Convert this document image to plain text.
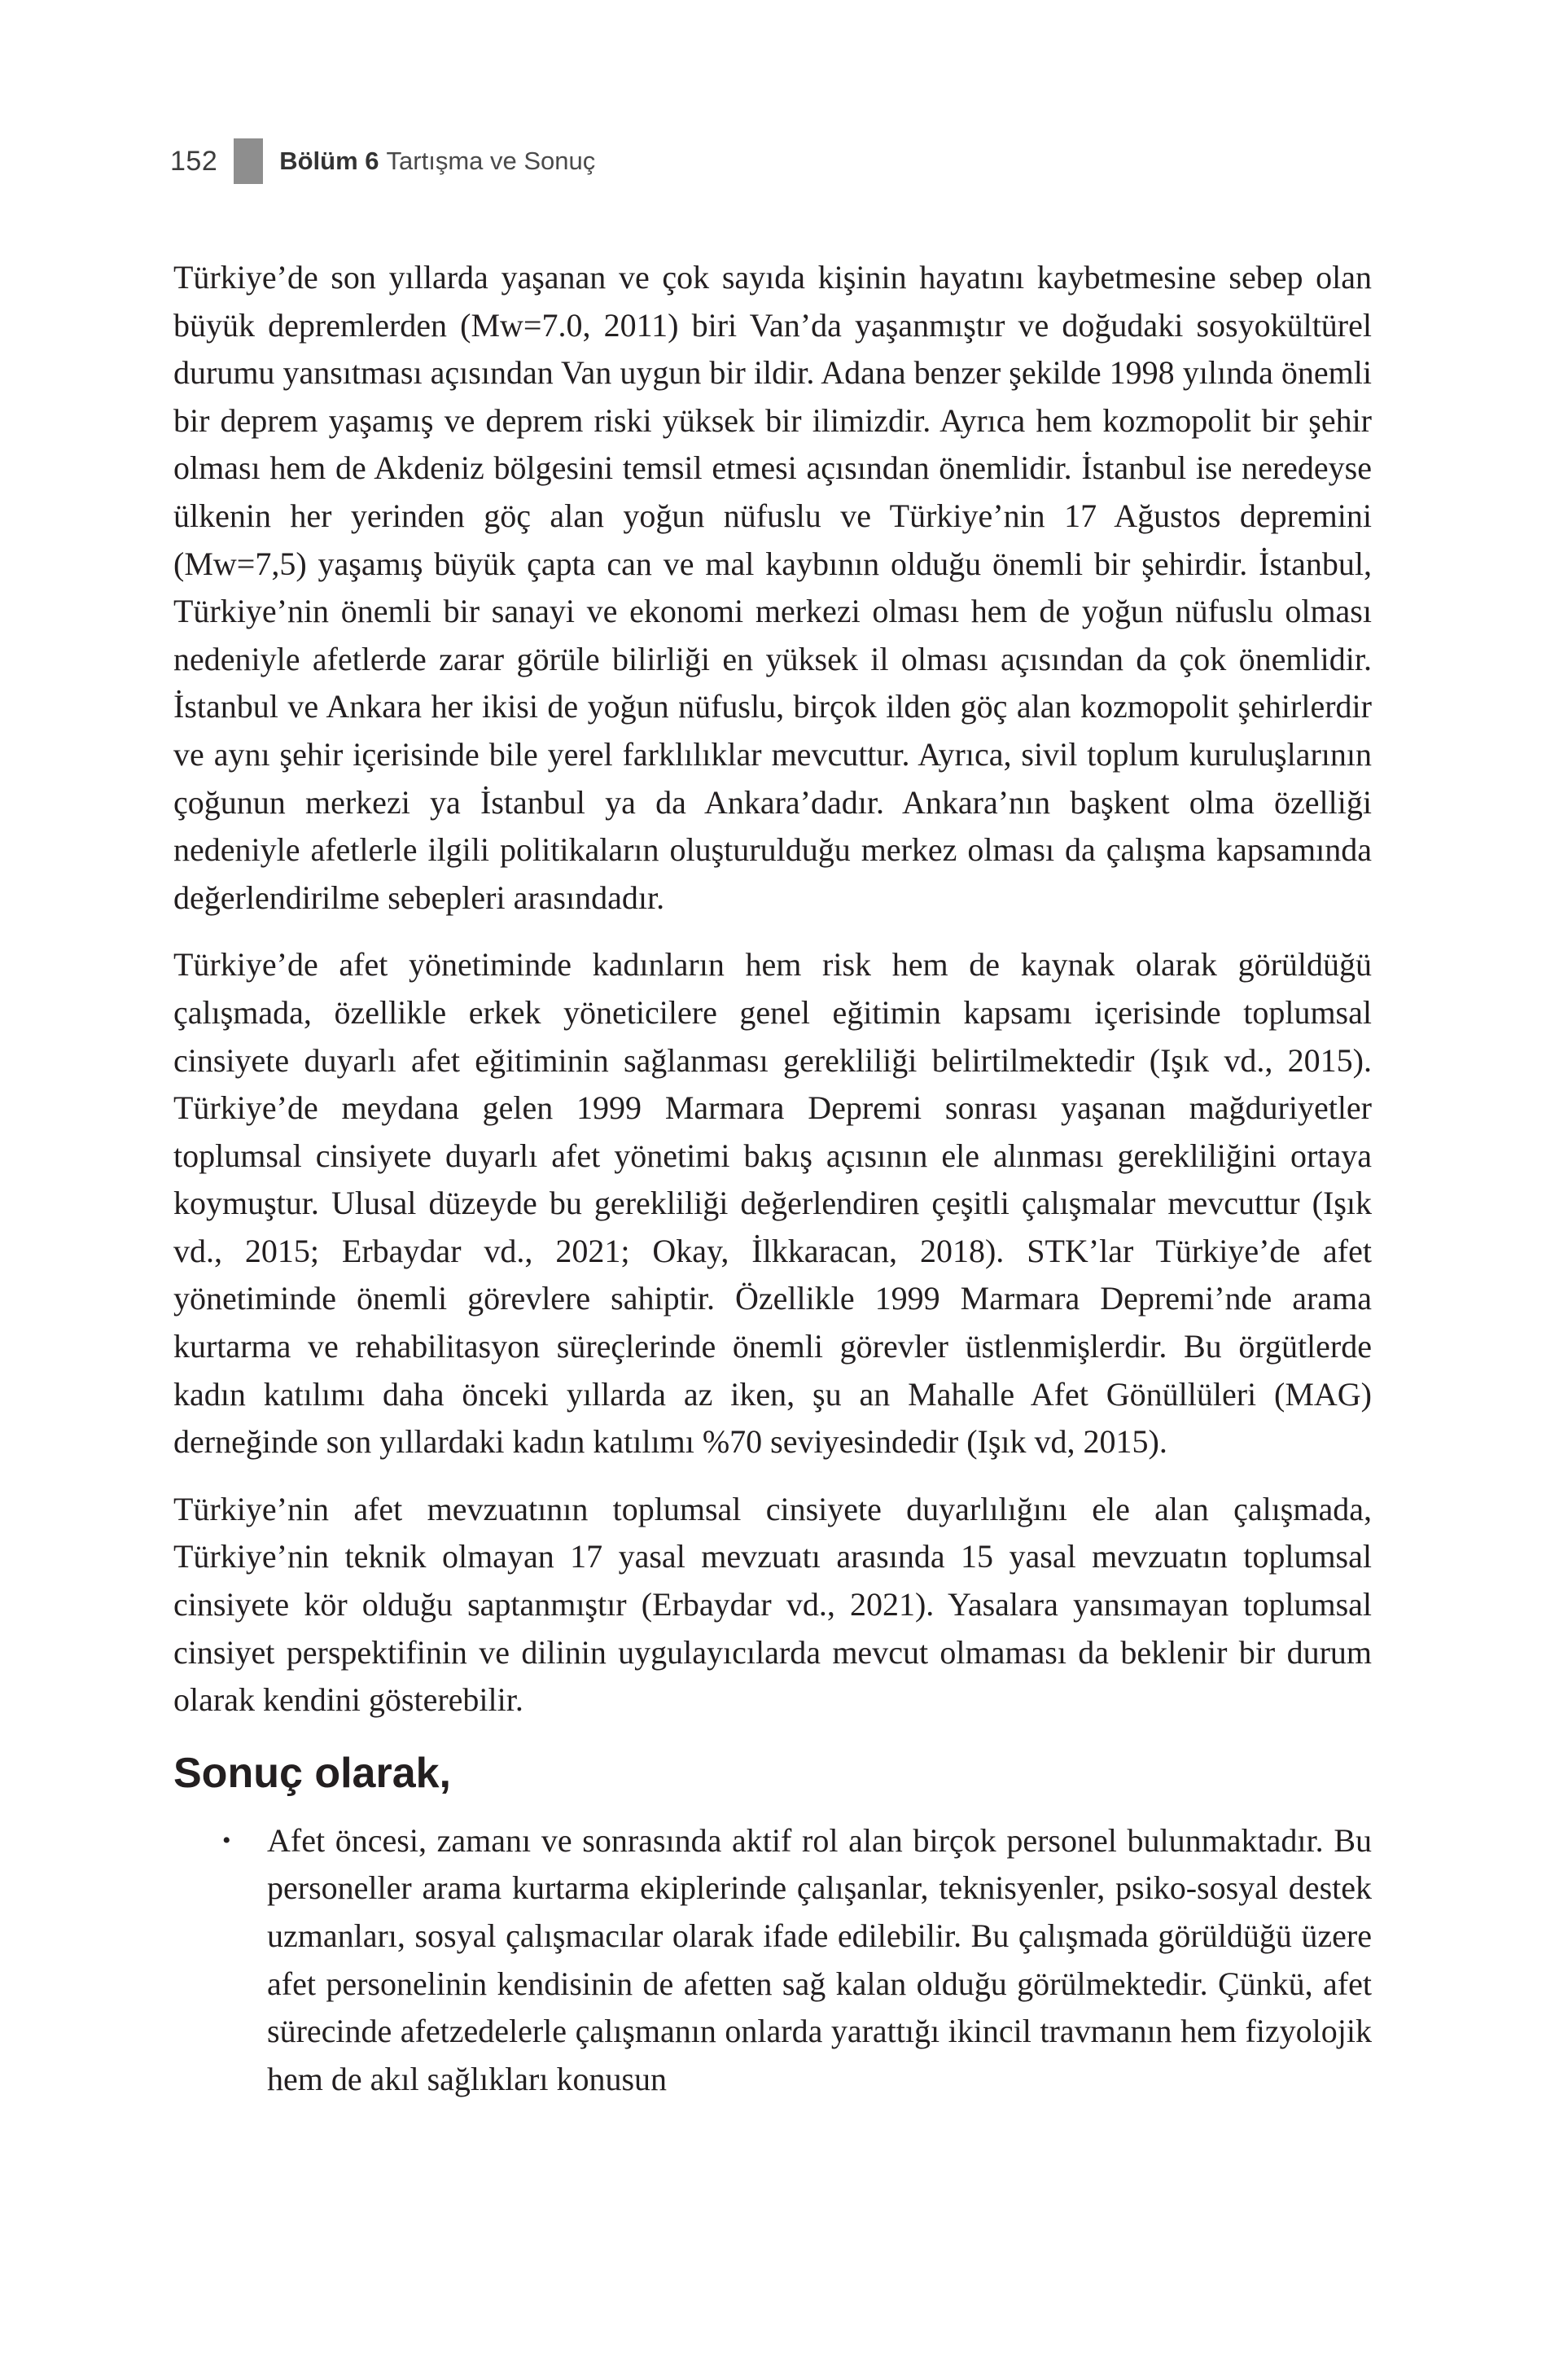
152 Bölüm 6 Tartışma ve Sonuç

Türkiye’de son yıllarda yaşanan ve çok sayıda kişinin hayatını kaybetmesine sebep olan büyük depremlerden (Mw=7.0, 2011) biri Van’da yaşanmıştır ve doğudaki sosyokültürel durumu yansıtması açısından Van uygun bir ildir. Adana benzer şekilde 1998 yılında önemli bir deprem yaşamış ve deprem riski yüksek bir ilimizdir. Ayrıca hem kozmopolit bir şehir olması hem de Akdeniz bölgesini temsil etmesi açısından önemlidir. İstanbul ise neredeyse ülkenin her yerinden göç alan yoğun nüfuslu ve Türkiye’nin 17 Ağustos depremini (Mw=7,5) yaşamış büyük çapta can ve mal kaybının olduğu önemli bir şehirdir. İstanbul, Türkiye’nin önemli bir sanayi ve ekonomi merkezi olması hem de yoğun nüfuslu olması nedeniyle afetlerde zarar görüle bilirliği en yüksek il olması açısından da çok önemlidir. İstanbul ve Ankara her ikisi de yoğun nüfuslu, birçok ilden göç alan kozmopolit şehirlerdir ve aynı şehir içerisinde bile yerel farklılıklar mevcuttur. Ayrıca, sivil toplum kuruluşlarının çoğunun merkezi ya İstanbul ya da Ankara’dadır. Ankara’nın başkent olma özelliği nedeniyle afetlerle ilgili politikaların oluşturulduğu merkez olması da çalışma kapsamında değerlendirilme sebepleri arasındadır.

Türkiye’de afet yönetiminde kadınların hem risk hem de kaynak olarak görüldüğü çalışmada, özellikle erkek yöneticilere genel eğitimin kapsamı içerisinde toplumsal cinsiyete duyarlı afet eğitiminin sağlanması gerekliliği belirtilmektedir (Işık vd., 2015). Türkiye’de meydana gelen 1999 Marmara Depremi sonrası yaşanan mağduriyetler toplumsal cinsiyete duyarlı afet yönetimi bakış açısının ele alınması gerekliliğini ortaya koymuştur. Ulusal düzeyde bu gerekliliği değerlendiren çeşitli çalışmalar mevcuttur (Işık vd., 2015; Erbaydar vd., 2021; Okay, İlkkaracan, 2018). STK’lar Türkiye’de afet yönetiminde önemli görevlere sahiptir. Özellikle 1999 Marmara Depremi’nde arama kurtarma ve rehabilitasyon süreçlerinde önemli görevler üstlenmişlerdir. Bu örgütlerde kadın katılımı daha önceki yıllarda az iken, şu an Mahalle Afet Gönüllüleri (MAG) derneğinde son yıllardaki kadın katılımı %70 seviyesindedir (Işık vd, 2015).

Türkiye’nin afet mevzuatının toplumsal cinsiyete duyarlılığını ele alan çalışmada, Türkiye’nin teknik olmayan 17 yasal mevzuatı arasında 15 yasal mevzuatın toplumsal cinsiyete kör olduğu saptanmıştır (Erbaydar vd., 2021). Yasalara yansımayan toplumsal cinsiyet perspektifinin ve dilinin uygulayıcılarda mevcut olmaması da beklenir bir durum olarak kendini gösterebilir.

Sonuç olarak,
• Afet öncesi, zamanı ve sonrasında aktif rol alan birçok personel bulunmaktadır. Bu personeller arama kurtarma ekiplerinde çalışanlar, teknisyenler, psiko-sosyal destek uzmanları, sosyal çalışmacılar olarak ifade edilebilir. Bu çalışmada görüldüğü üzere afet personelinin kendisinin de afetten sağ kalan olduğu görülmektedir. Çünkü, afet sürecinde afetzedelerle çalışmanın onlarda yarattığı ikincil travmanın hem fizyolojik hem de akıl sağlıkları konusun
